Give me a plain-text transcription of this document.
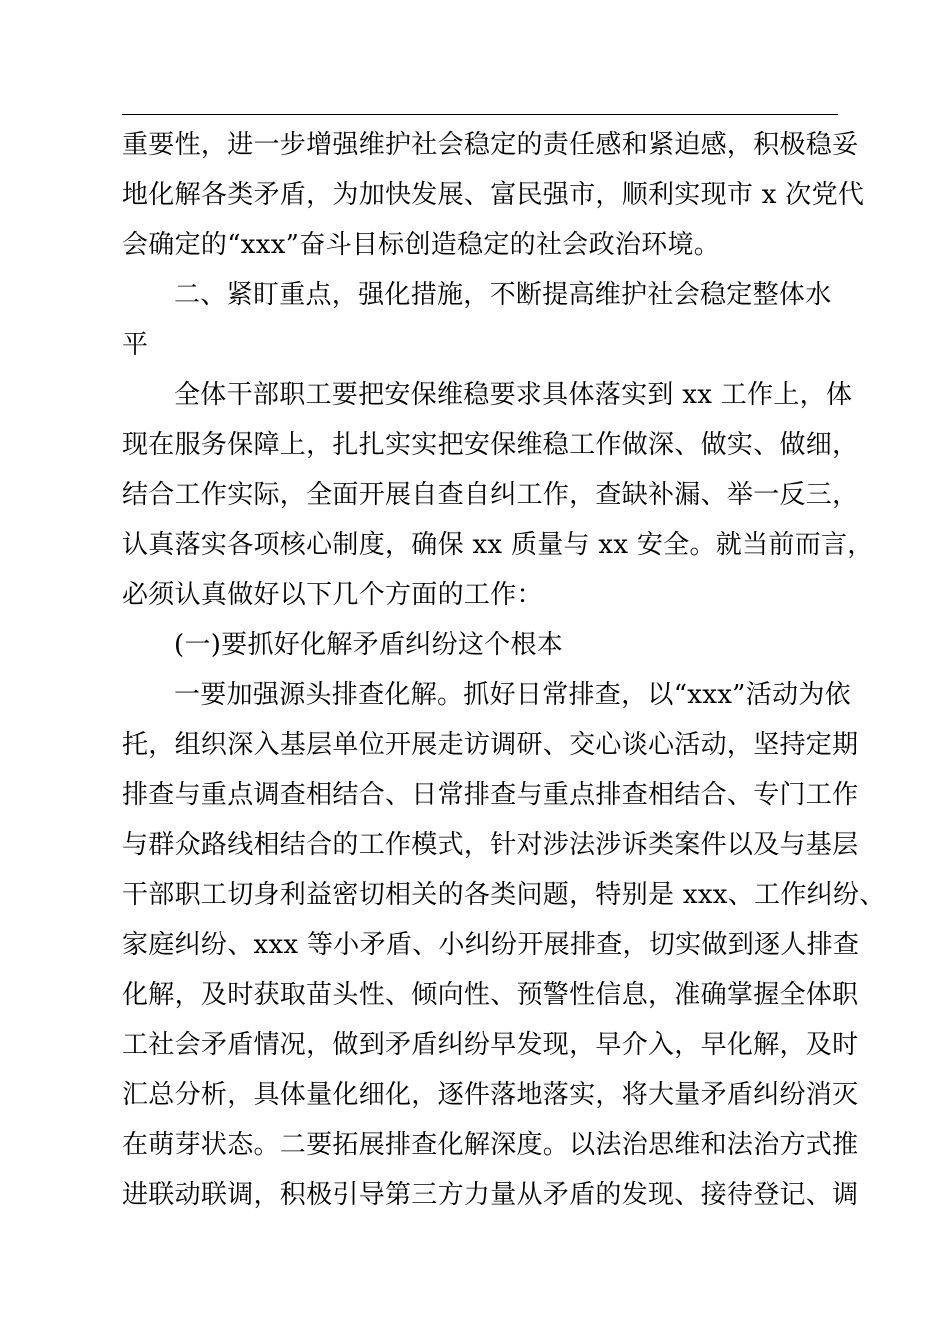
重要性，进一步增强维护社会稳定的责任感和紧迫感，积极稳妥
地化解各类矛盾，为加快发展、富民强市，顺利实现市 x 次党代
会确定的“xxx”奋斗目标创造稳定的社会政治环境。
二、紧盯重点，强化措施，不断提高维护社会稳定整体水
平
全体干部职工要把安保维稳要求具体落实到 xx 工作上，体
现在服务保障上，扎扎实实把安保维稳工作做深、做实、做细，
结合工作实际，全面开展自查自纠工作，查缺补漏、举一反三，
认真落实各项核心制度，确保 xx 质量与 xx 安全。就当前而言，
必须认真做好以下几个方面的工作：
(一)要抓好化解矛盾纠纷这个根本
一要加强源头排查化解。抓好日常排查，以“xxx”活动为依
托，组织深入基层单位开展走访调研、交心谈心活动，坚持定期
排查与重点调查相结合、日常排查与重点排查相结合、专门工作
与群众路线相结合的工作模式，针对涉法涉诉类案件以及与基层
干部职工切身利益密切相关的各类问题，特别是 xxx、工作纠纷、
家庭纠纷、xxx 等小矛盾、小纠纷开展排查，切实做到逐人排查
化解，及时获取苗头性、倾向性、预警性信息，准确掌握全体职
工社会矛盾情况，做到矛盾纠纷早发现，早介入，早化解，及时
汇总分析，具体量化细化，逐件落地落实，将大量矛盾纠纷消灭
在萌芽状态。二要拓展排查化解深度。以法治思维和法治方式推
进联动联调，积极引导第三方力量从矛盾的发现、接待登记、调
